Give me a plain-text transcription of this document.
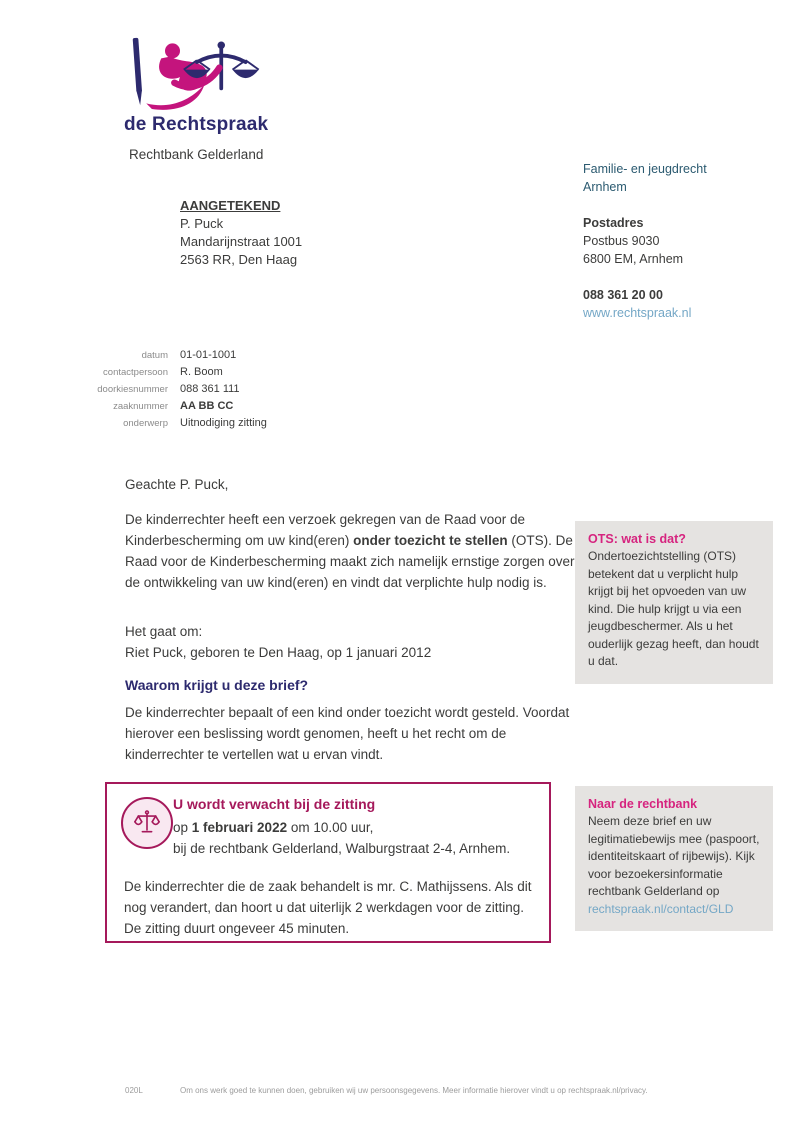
de Rechtspraak
Rechtbank Gelderland
AANGETEKEND
P. Puck
Mandarijnstraat 1001
2563 RR, Den Haag
Familie- en jeugdrecht
Arnhem
Postadres
Postbus 9030
6800 EM, Arnhem
088 361 20 00
www.rechtspraak.nl
datum 01-01-1001
contactpersoon R. Boom
doorkiesnummer 088 361 111
zaaknummer AA BB CC
onderwerp Uitnodiging zitting
Geachte P. Puck,
De kinderrechter heeft een verzoek gekregen van de Raad voor de Kinderbescherming om uw kind(eren) onder toezicht te stellen (OTS). De Raad voor de Kinderbescherming maakt zich namelijk ernstige zorgen over de ontwikkeling van uw kind(eren) en vindt dat verplichte hulp nodig is.
Het gaat om:
Riet Puck, geboren te Den Haag, op 1 januari 2012
Waarom krijgt u deze brief?
De kinderrechter bepaalt of een kind onder toezicht wordt gesteld. Voordat hierover een beslissing wordt genomen, heeft u het recht om de kinderrechter te vertellen wat u ervan vindt.
U wordt verwacht bij de zitting
op 1 februari 2022 om 10.00 uur,
bij de rechtbank Gelderland, Walburgstraat 2-4, Arnhem.
De kinderrechter die de zaak behandelt is mr. C. Mathijssens. Als dit nog verandert, dan hoort u dat uiterlijk 2 werkdagen voor de zitting. De zitting duurt ongeveer 45 minuten.
OTS: wat is dat?
Ondertoezichtstelling (OTS) betekent dat u verplicht hulp krijgt bij het opvoeden van uw kind. Die hulp krijgt u via een jeugdbeschermer. Als u het ouderlijk gezag heeft, dan houdt u dat.
Naar de rechtbank
Neem deze brief en uw legitimatiebewijs mee (paspoort, identiteitskaart of rijbewijs). Kijk voor bezoekersinformatie rechtbank Gelderland op rechtspraak.nl/contact/GLD
020L	Om ons werk goed te kunnen doen, gebruiken wij uw persoonsgegevens. Meer informatie hierover vindt u op rechtspraak.nl/privacy.
